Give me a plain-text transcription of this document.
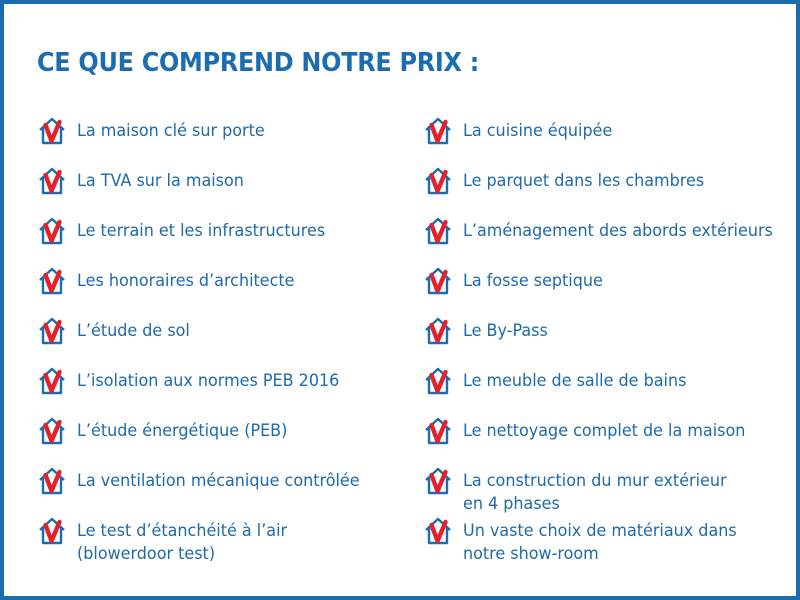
CE QUE COMPREND NOTRE PRIX :
La maison clé sur porte
La TVA sur la maison
Le terrain et les infrastructures
Les honoraires d’architecte
L’étude de sol
L’isolation aux normes PEB 2016
L’étude énergétique (PEB)
La ventilation mécanique contrôlée
Le test d’étanchéité à l’air
(blowerdoor test)
La cuisine équipée
Le parquet dans les chambres
L’aménagement des abords extérieurs
La fosse septique
Le By-Pass
Le meuble de salle de bains
Le nettoyage complet de la maison
La construction du mur extérieur
en 4 phases
Un vaste choix de matériaux dans
notre show-room
